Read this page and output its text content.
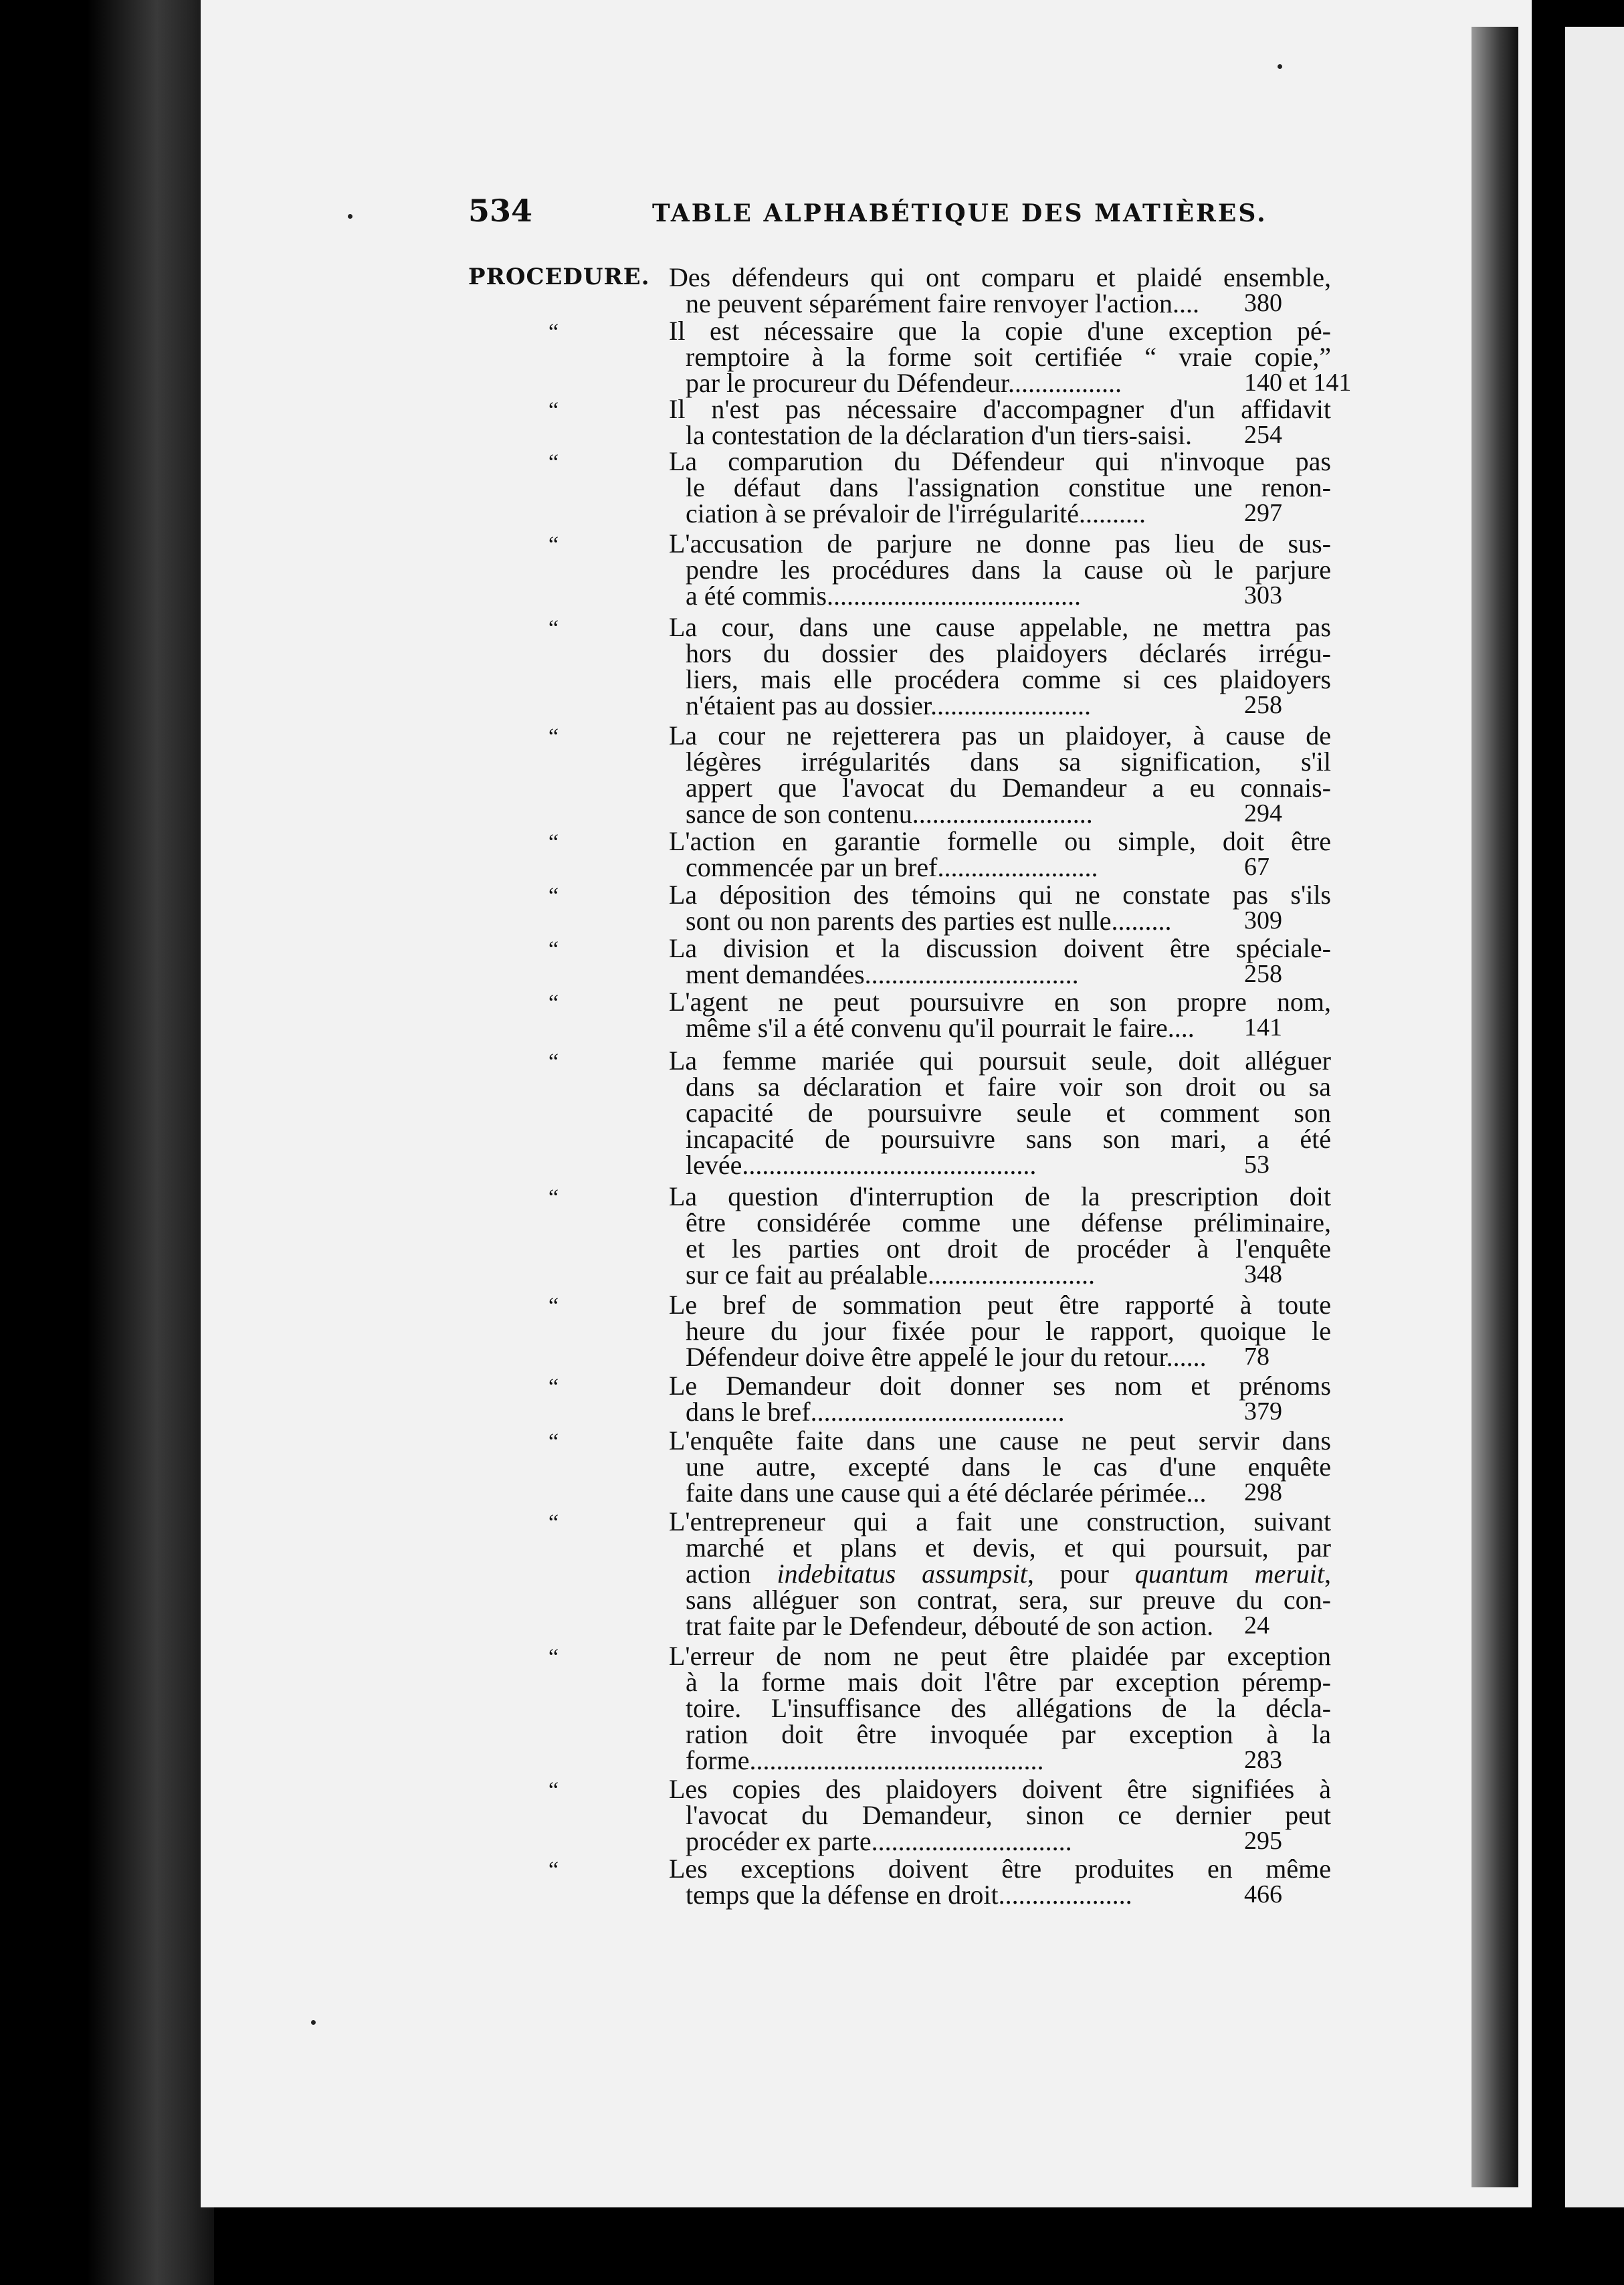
534	TABLE ALPHABÉTIQUE DES MATIÈRES.
PROCEDURE. Des défendeurs qui ont comparu et plaidé ensemble,
ne peuvent séparément faire renvoyer l'action.... 380
“	Il est nécessaire que la copie d'une exception pé-
remptoire à la forme soit certifiée “ vraie copie,”
par le procureur du Défendeur.................	140 et 141
“	Il n'est pas nécessaire d'accompagner d'un affidavit
la contestation de la déclaration d'un tiers-saisi. 254
“	La comparution du Défendeur qui n'invoque pas
le défaut dans l'assignation constitue une renon-
ciation à se prévaloir de l'irrégularité..........	297
“	L'accusation de parjure ne donne pas lieu de sus-
pendre les procédures dans la cause où le parjure
a été commis......................................	303
“	La cour, dans une cause appelable, ne mettra pas
hors du dossier des plaidoyers déclarés irrégu-
liers, mais elle procédera comme si ces plaidoyers
n'étaient pas au dossier........................	258
“	La cour ne rejetterera pas un plaidoyer, à cause de
légères irrégularités dans sa signification, s'il
appert que l'avocat du Demandeur a eu connais-
sance de son contenu...........................	294
“	L'action en garantie formelle ou simple, doit être
commencée par un bref........................	67
“	La déposition des témoins qui ne constate pas s'ils
sont ou non parents des parties est nulle.........	309
“	La division et la discussion doivent être spéciale-
ment demandées................................	258
“	L'agent ne peut poursuivre en son propre nom,
même s'il a été convenu qu'il pourrait le faire.... 141
“	La femme mariée qui poursuit seule, doit alléguer
dans sa déclaration et faire voir son droit ou sa
capacité de poursuivre seule et comment son
incapacité de poursuivre sans son mari, a été
levée............................................	53
“	La question d'interruption de la prescription doit
être considérée comme une défense préliminaire,
et les parties ont droit de procéder à l'enquête
sur ce fait au préalable.........................	348
“	Le bref de sommation peut être rapporté à toute
heure du jour fixée pour le rapport, quoique le
Défendeur doive être appelé le jour du retour...... 78
“	Le Demandeur doit donner ses nom et prénoms
dans le bref......................................	379
“	L'enquête faite dans une cause ne peut servir dans
une autre, excepté dans le cas d'une enquête
faite dans une cause qui a été déclarée périmée... 298
“	L'entrepreneur qui a fait une construction, suivant
marché et plans et devis, et qui poursuit, par
action indebitatus assumpsit, pour quantum meruit,
sans alléguer son contrat, sera, sur preuve du con-
trat faite par le Defendeur, débouté de son action. 24
“	L'erreur de nom ne peut être plaidée par exception
à la forme mais doit l'être par exception péremp-
toire. L'insuffisance des allégations de la décla-
ration doit être invoquée par exception à la
forme............................................	283
“	Les copies des plaidoyers doivent être signifiées à
l'avocat du Demandeur, sinon ce dernier peut
procéder ex parte..............................	295
“	Les exceptions doivent être produites en même
temps que la défense en droit....................	466
